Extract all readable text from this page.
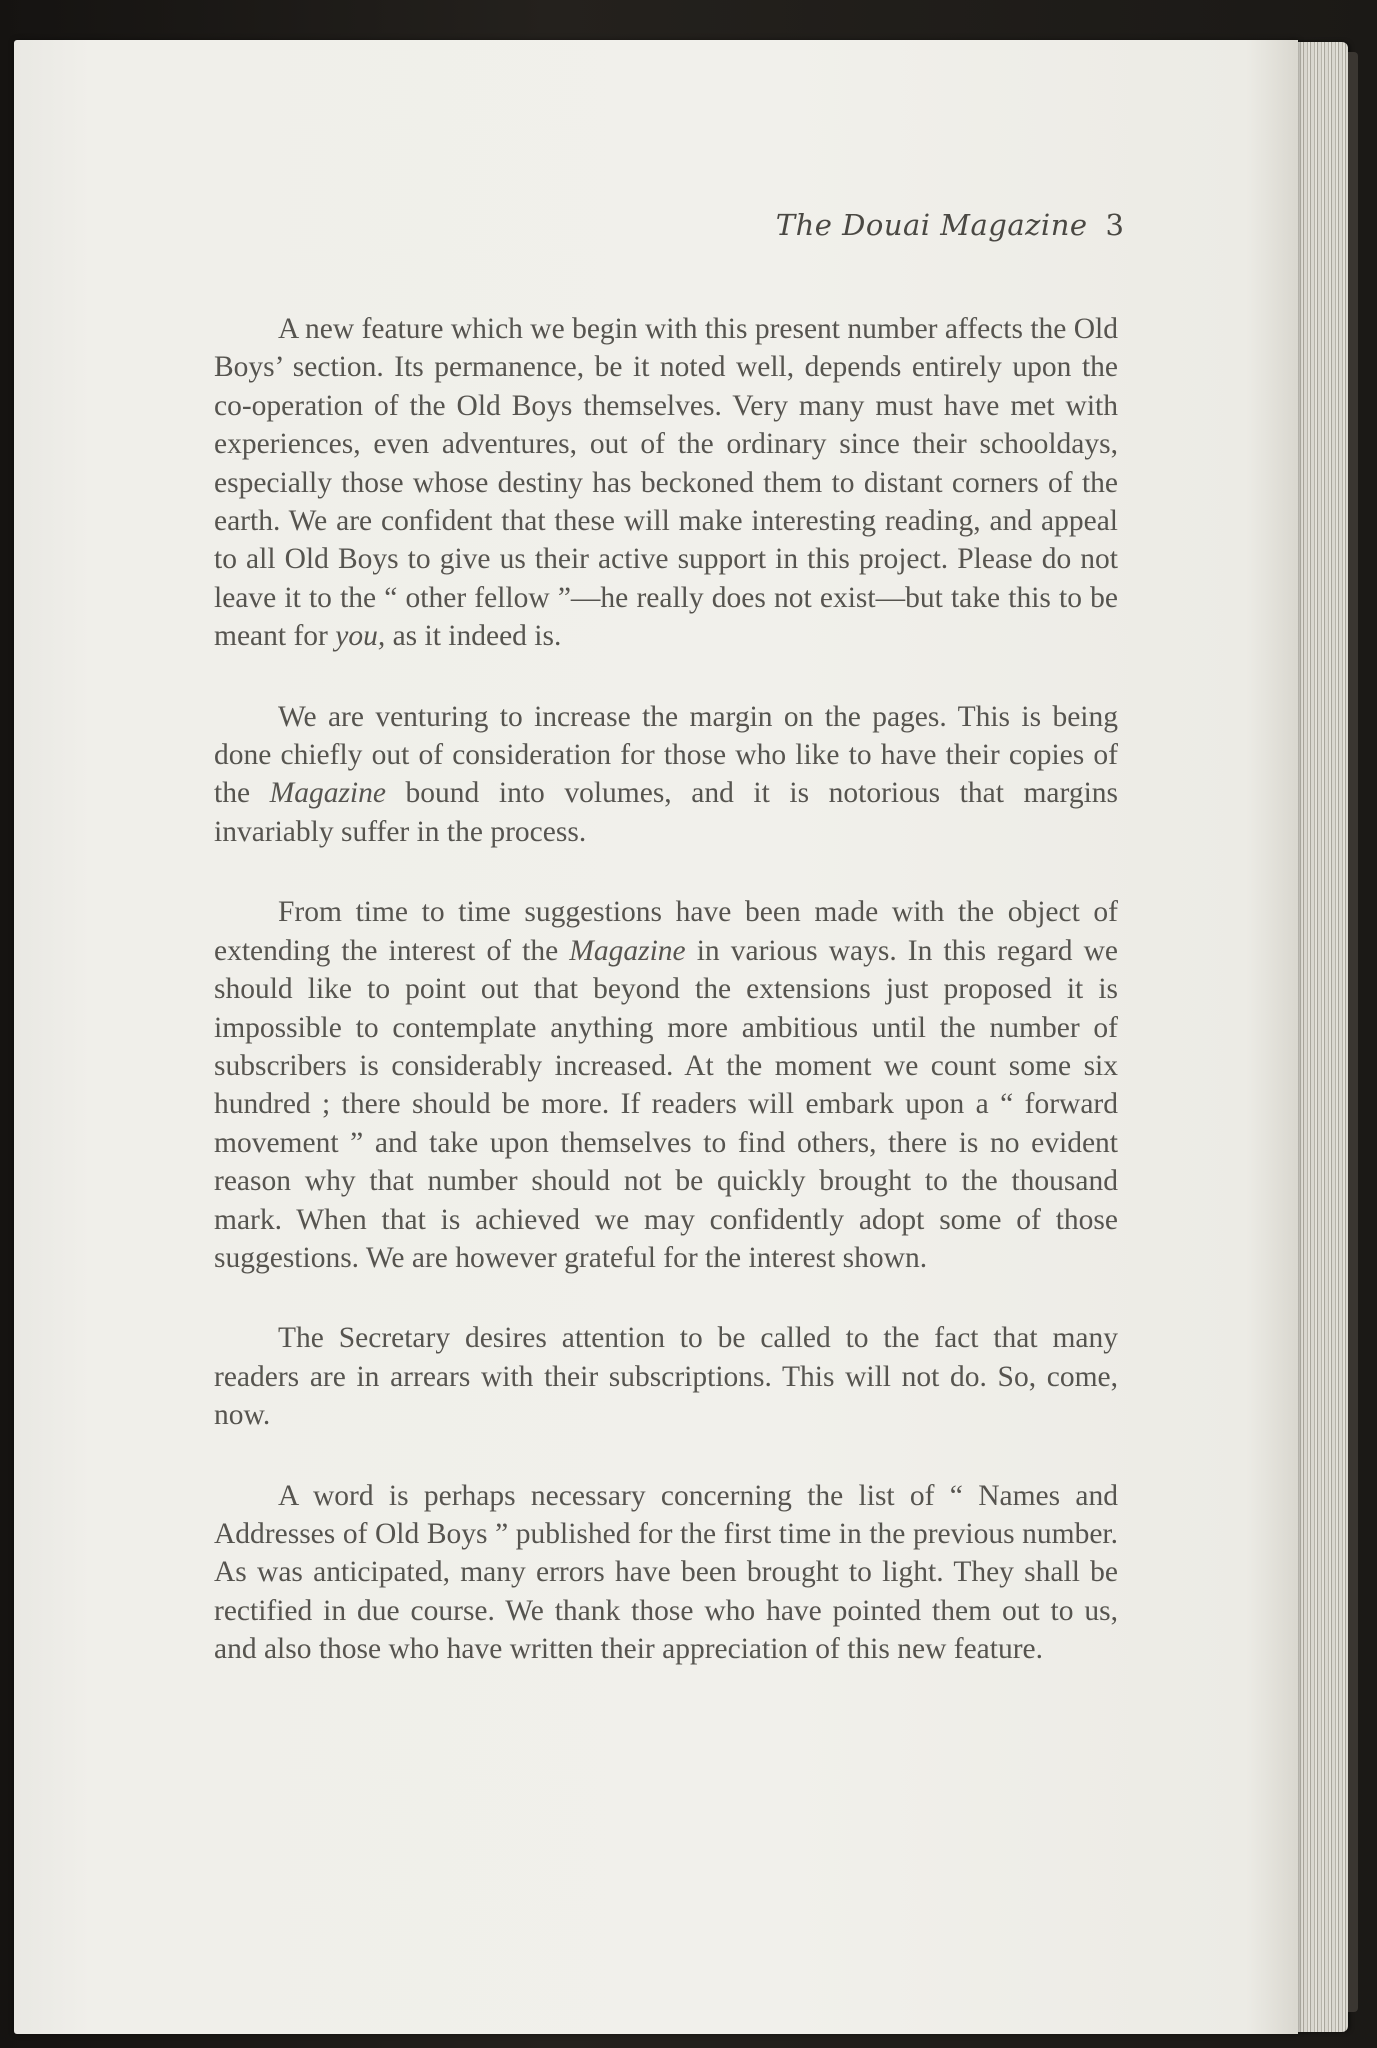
The Douai Magazine 3

A new feature which we begin with this present number affects the Old Boys’ section. Its permanence, be it noted well, depends entirely upon the co-operation of the Old Boys themselves. Very many must have met with experiences, even adventures, out of the ordinary since their schooldays, especially those whose destiny has beckoned them to distant corners of the earth. We are confident that these will make interesting reading, and appeal to all Old Boys to give us their active support in this project. Please do not leave it to the “ other fellow ”—he really does not exist—but take this to be meant for you, as it indeed is.

We are venturing to increase the margin on the pages. This is being done chiefly out of consideration for those who like to have their copies of the Magazine bound into volumes, and it is notorious that margins invariably suffer in the process.

From time to time suggestions have been made with the object of extending the interest of the Magazine in various ways. In this regard we should like to point out that beyond the extensions just proposed it is impossible to contemplate anything more ambitious until the number of subscribers is considerably increased. At the moment we count some six hundred ; there should be more. If readers will embark upon a “ forward movement ” and take upon themselves to find others, there is no evident reason why that number should not be quickly brought to the thousand mark. When that is achieved we may confidently adopt some of those suggestions. We are however grateful for the interest shown.

The Secretary desires attention to be called to the fact that many readers are in arrears with their subscriptions. This will not do. So, come, now.

A word is perhaps necessary concerning the list of “ Names and Addresses of Old Boys ” published for the first time in the previous number. As was anticipated, many errors have been brought to light. They shall be rectified in due course. We thank those who have pointed them out to us, and also those who have written their appreciation of this new feature.
